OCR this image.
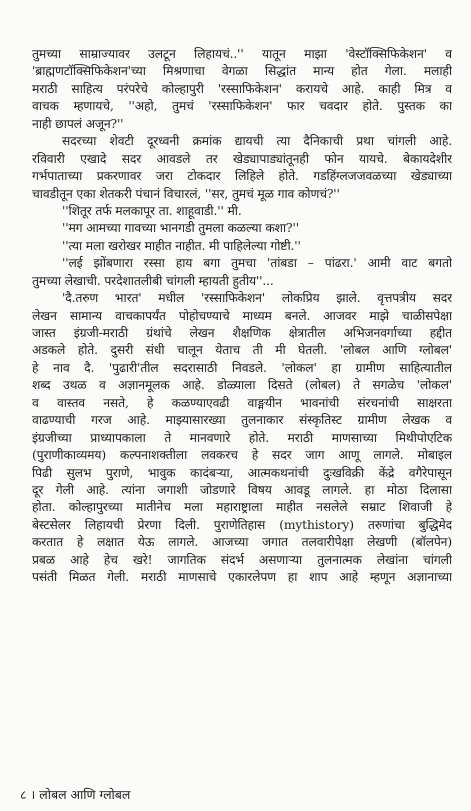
तुमच्या साम्राज्यावर उलटून लिहायचं..'' यातून माझा 'वेस्टॉक्सिफिकेशन' व
'ब्राह्मणटॉक्सिफिकेशन'च्या मिश्रणाचा वेगळा सिद्धांत मान्य होत गेला. मलाही
मराठी साहित्य परंपरेचे कोल्हापुरी 'रस्साफिकेशन' करायचे आहे. काही मित्र व
वाचक म्हणायचे, ''अहो, तुमचं 'रस्साफिकेशन' फार चवदार होते. पुस्तक का
नाही छापलं अजून?''
सदरच्या शेवटी दूरध्वनी क्रमांक द्यायची त्या दैनिकाची प्रथा चांगली आहे.
रविवारी एखादे सदर आवडले तर खेड्यापाड्यांतूनही फोन यायचे. बेकायदेशीर
गर्भपाताच्या प्रकरणावर जरा टोकदार लिहिले होते. गडहिंग्लजजवळच्या खेड्याच्या
चावडीतून एका शेतकरी पंचानं विचारलं, ''सर, तुमचं मूळ गाव कोणचं?''
''शितूर तर्फ मलकापूर ता. शाहूवाडी.'' मी.
''मग आमच्या गावच्या भानगडी तुमला कळल्या कशा?''
''त्या मला खरोखर माहीत नाहीत. मी पाहिलेल्या गोष्टी.''
''लई झोंबणारा रस्सा हाय बगा तुमचा 'तांबडा – पांढरा.' आमी वाट बगतो
तुमच्या लेखाची. परदेशातलीबी चांगली म्हायती हुतीय''...
'दै.तरुण भारत' मधील 'रस्साफिकेशन' लोकप्रिय झाले. वृत्तपत्रीय सदर
लेखन सामान्य वाचकापर्यंत पोहोचण्याचे माध्यम बनले. आजवर माझे चाळीसपेक्षा
जास्त इंग्रजी-मराठी ग्रंथांचे लेखन शैक्षणिक क्षेत्रातील अभिजनवर्गाच्या हद्दीत
अडकले होते. दुसरी संधी चालून येताच ती मी घेतली. 'लोबल आणि ग्लोबल'
हे नाव दै. 'पुढारी'तील सदरासाठी निवडले. 'लोकल' हा ग्रामीण साहित्यातील
शब्द उथळ व अज्ञानमूलक आहे. डोळ्याला दिसते (लोबल) ते सगळेच 'लोकल'
व वास्तव नसते, हे कळण्याएवढी वाङ्मयीन भावनांची संरचनांची साक्षरता
वाढण्याची गरज आहे. माझ्यासारख्या तुलनाकार संस्कृतिस्ट ग्रामीण लेखक व
इंग्रजीच्या प्राध्यापकाला ते मानवणारे होते. मराठी माणसाच्या मिथीपोएटिक
(पुराणीकाव्यमय) कल्पनाशक्तीला लवकरच हे सदर जाग आणू लागले. मोबाइल
पिढी सुलभ पुराणे, भावुक कादंबऱ्या, आत्मकथनांची दुःखविक्री केंद्रे वगैरेपासून
दूर गेली आहे. त्यांना जगाशी जोडणारे विषय आवडू लागले. हा मोठा दिलासा
होता. कोल्हापुरच्या मातीनेच मला महाराष्ट्राला माहीत नसलेले सम्राट शिवाजी हे
बेस्टसेलर लिहायची प्रेरणा दिली. पुराणेतिहास (mythistory) तरुणांचा बुद्धिमेद
करतात हे लक्षात येऊ लागले. आजच्या जगात तलवारीपेक्षा लेखणी (बॉलपेन)
प्रबळ आहे हेच खरे! जागतिक संदर्भ असणाऱ्या तुलनात्मक लेखांना चांगली
पसंती मिळत गेली. मराठी माणसाचे एकारलेपण हा शाप आहे म्हणून अज्ञानाच्या
८ । लोबल आणि ग्लोबल
